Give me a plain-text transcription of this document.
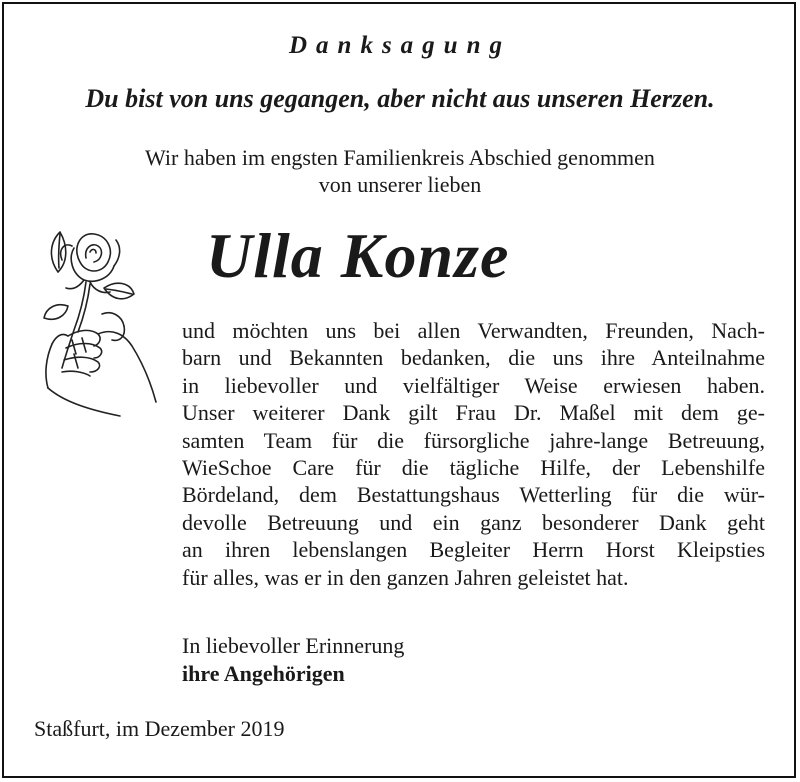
Danksagung
Du bist von uns gegangen, aber nicht aus unseren Herzen.
Wir haben im engsten Familienkreis Abschied genommen
von unserer lieben
Ulla Konze
und möchten uns bei allen Verwandten, Freunden, Nach-
barn und Bekannten bedanken, die uns ihre Anteilnahme
in liebevoller und vielfältiger Weise erwiesen haben.
Unser weiterer Dank gilt Frau Dr. Maßel mit dem ge-
samten Team für die fürsorgliche jahre-lange Betreuung,
WieSchoe Care für die tägliche Hilfe, der Lebenshilfe
Bördeland, dem Bestattungshaus Wetterling für die wür-
devolle Betreuung und ein ganz besonderer Dank geht
an ihren lebenslangen Begleiter Herrn Horst Kleipsties
für alles, was er in den ganzen Jahren geleistet hat.
In liebevoller Erinnerung
ihre Angehörigen
Staßfurt, im Dezember 2019
